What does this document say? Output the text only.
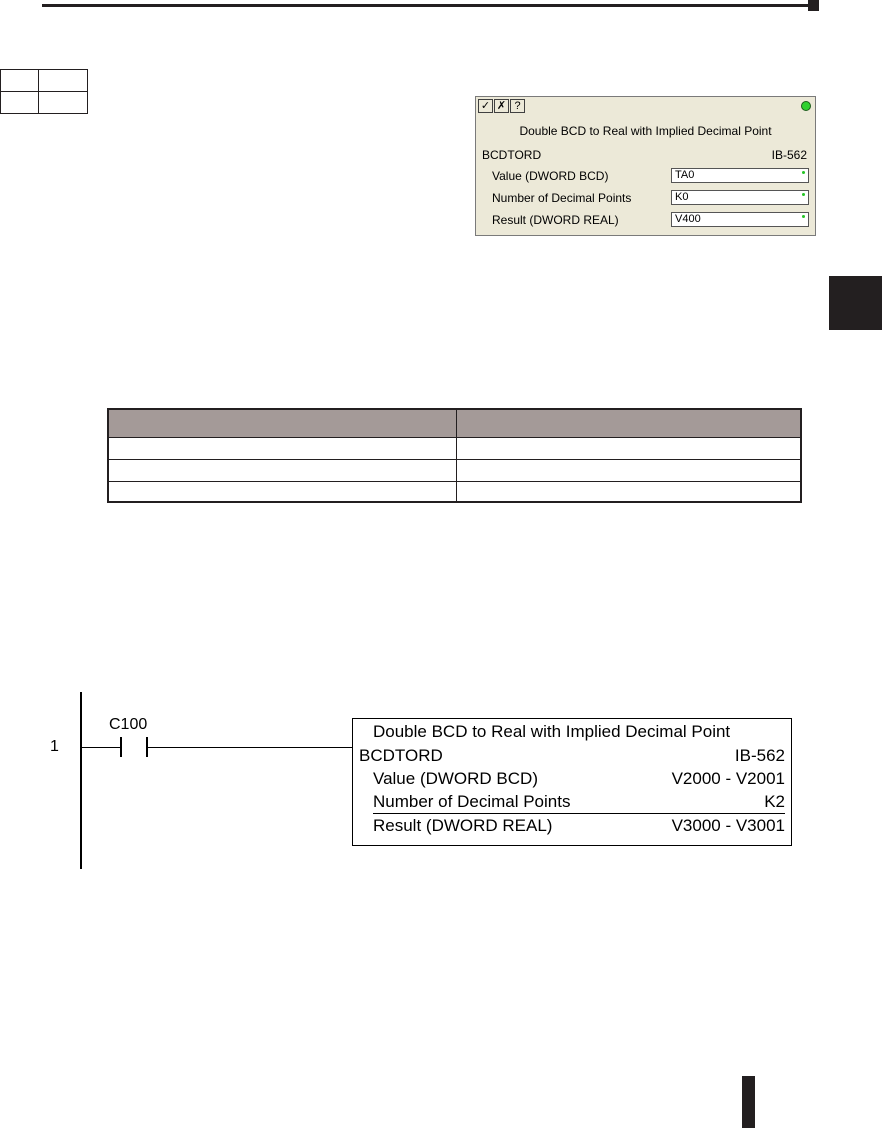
✓ ✗ ?
Double BCD to Real with Implied Decimal Point
BCDTORD	IB-562
Value (DWORD BCD)	TA0
Number of Decimal Points	K0
Result (DWORD REAL)	V400
1
C100	Double BCD to Real with Implied Decimal Point
BCDTORD	IB-562
Value (DWORD BCD)	V2000 - V2001
Number of Decimal Points	K2
Result (DWORD REAL)	V3000 - V3001
